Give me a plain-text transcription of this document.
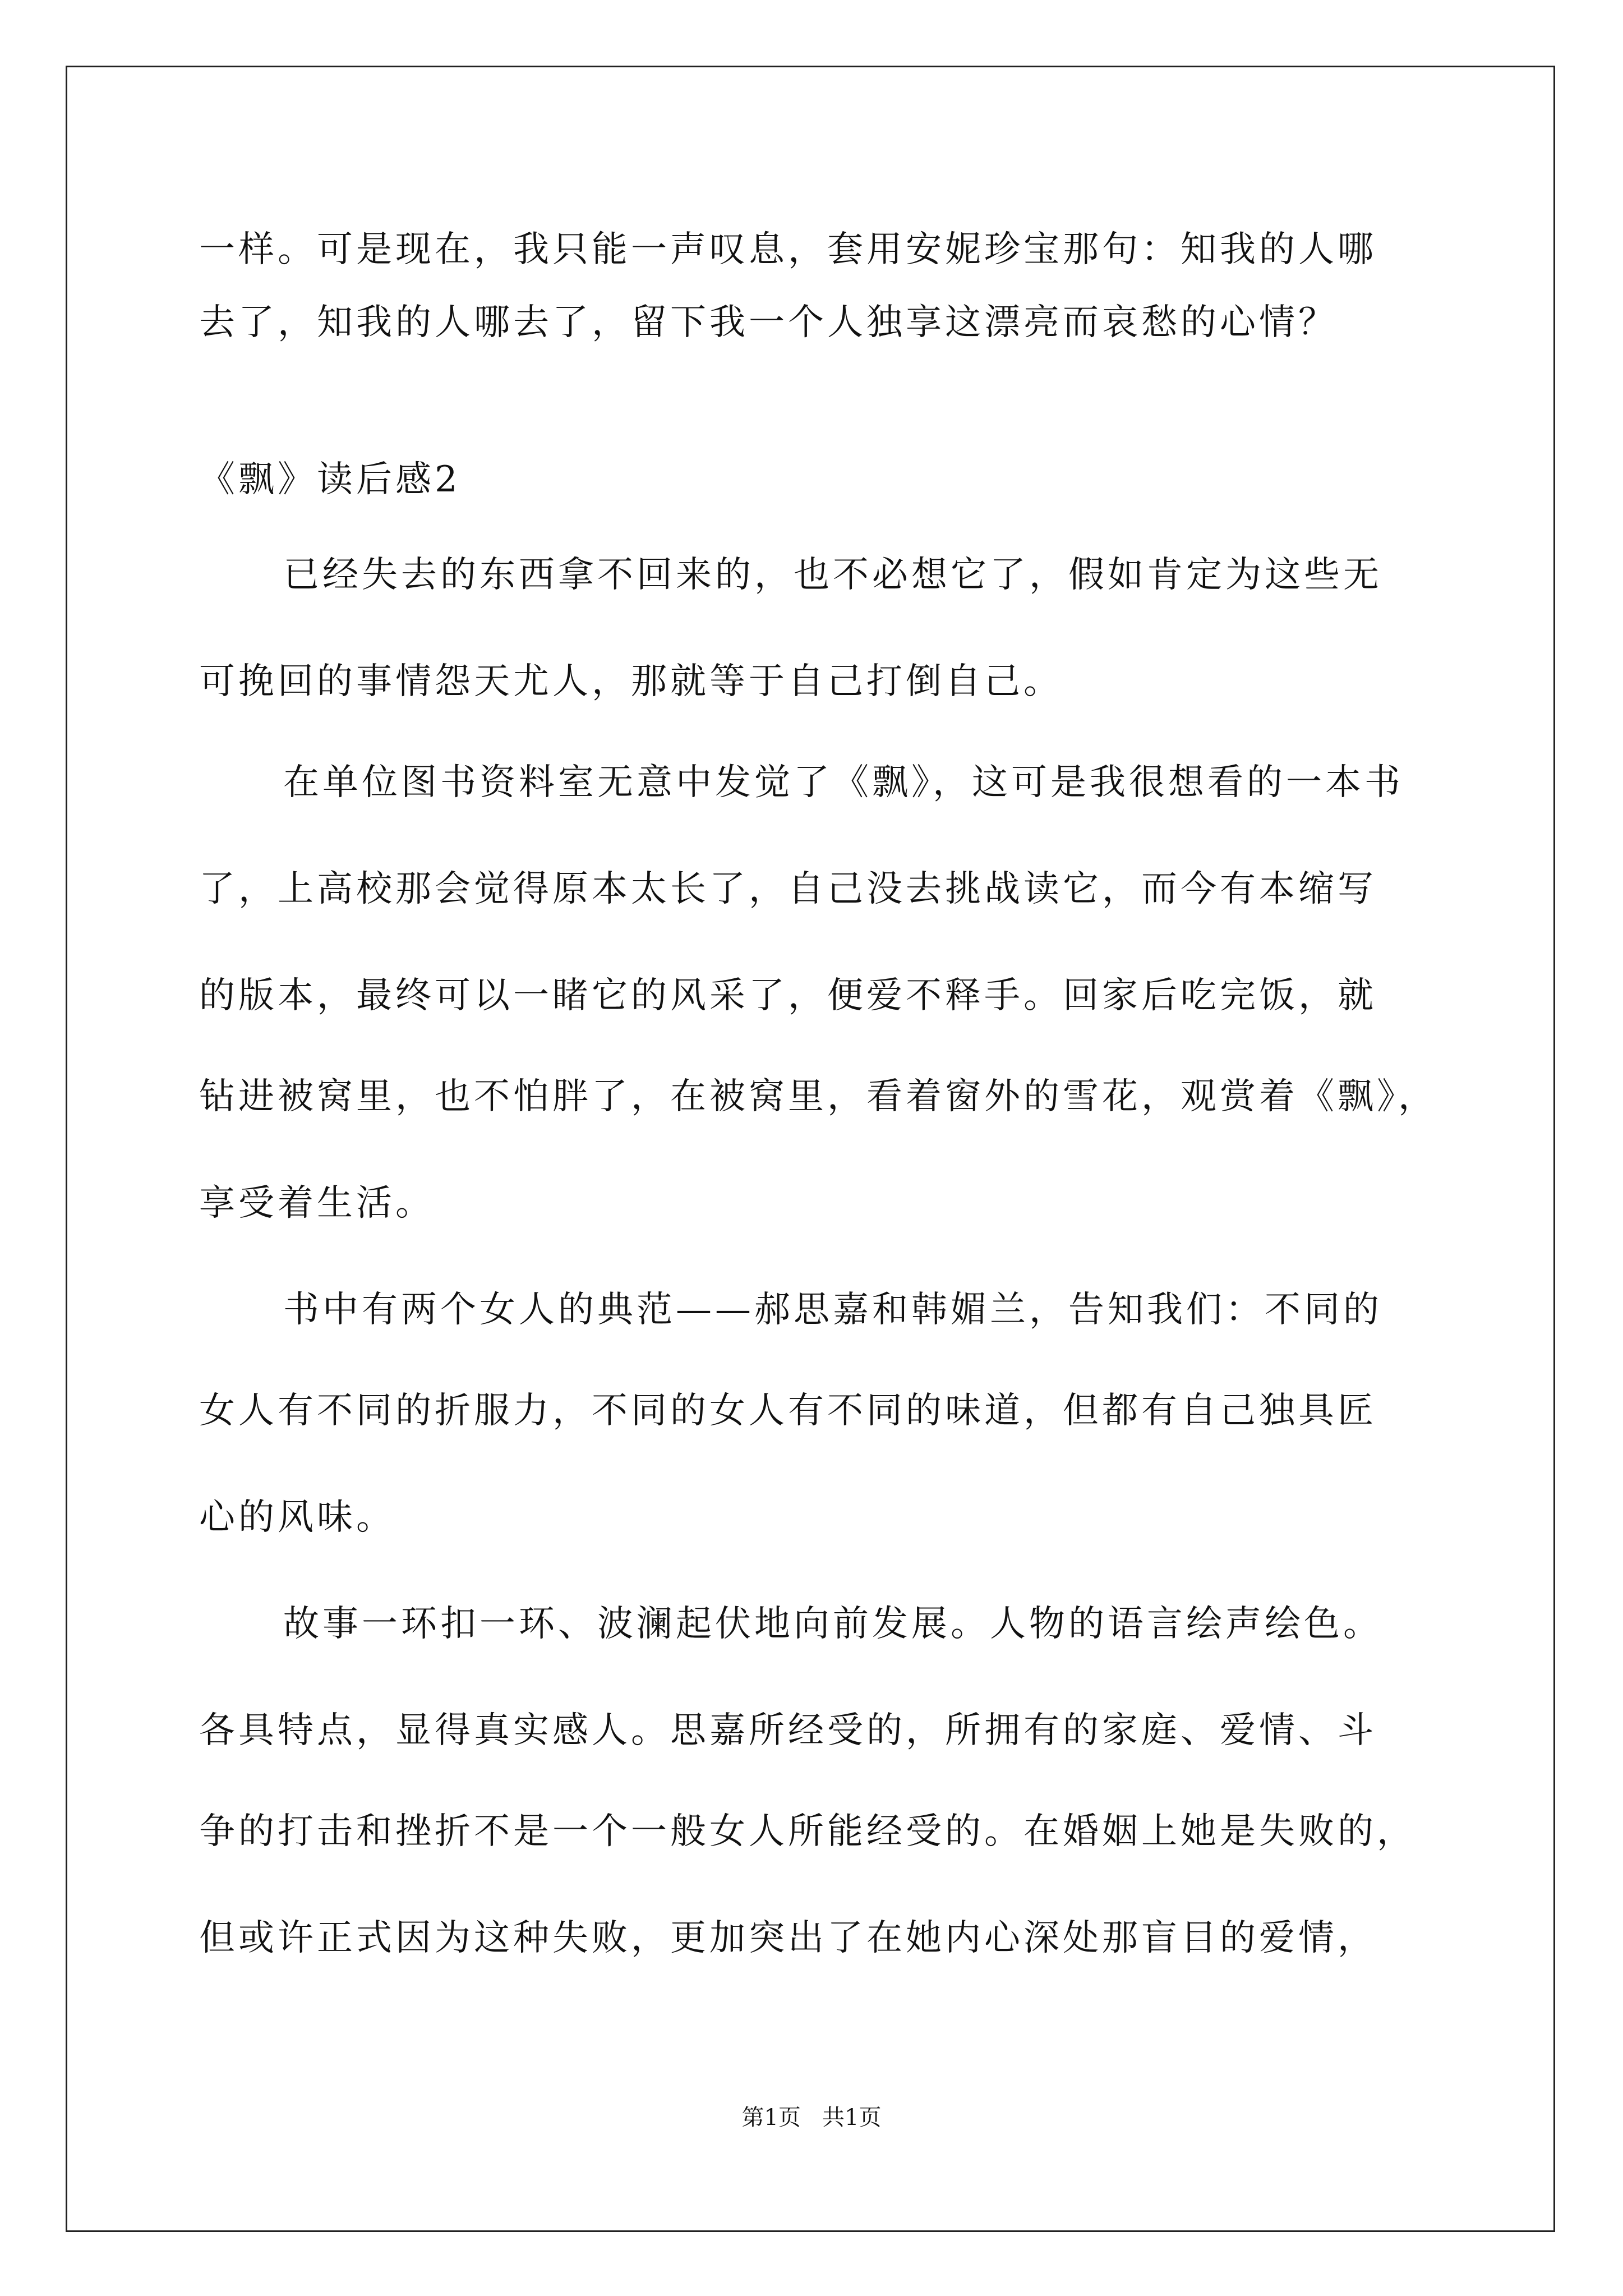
一样。可是现在，我只能一声叹息，套用安妮珍宝那句：知我的人哪
去了，知我的人哪去了，留下我一个人独享这漂亮而哀愁的心情？
《飘》读后感2
已经失去的东西拿不回来的，也不必想它了，假如肯定为这些无
可挽回的事情怨天尤人，那就等于自己打倒自己。
在单位图书资料室无意中发觉了《飘》，这可是我很想看的一本书
了，上高校那会觉得原本太长了，自己没去挑战读它，而今有本缩写
的版本，最终可以一睹它的风采了，便爱不释手。回家后吃完饭，就
钻进被窝里，也不怕胖了，在被窝里，看着窗外的雪花，观赏着《飘》，
享受着生活。
书中有两个女人的典范——郝思嘉和韩媚兰，告知我们：不同的
女人有不同的折服力，不同的女人有不同的味道，但都有自己独具匠
心的风味。
故事一环扣一环、波澜起伏地向前发展。人物的语言绘声绘色。
各具特点，显得真实感人。思嘉所经受的，所拥有的家庭、爱情、斗
争的打击和挫折不是一个一般女人所能经受的。在婚姻上她是失败的，
但或许正式因为这种失败，更加突出了在她内心深处那盲目的爱情，
第1页   共1页
